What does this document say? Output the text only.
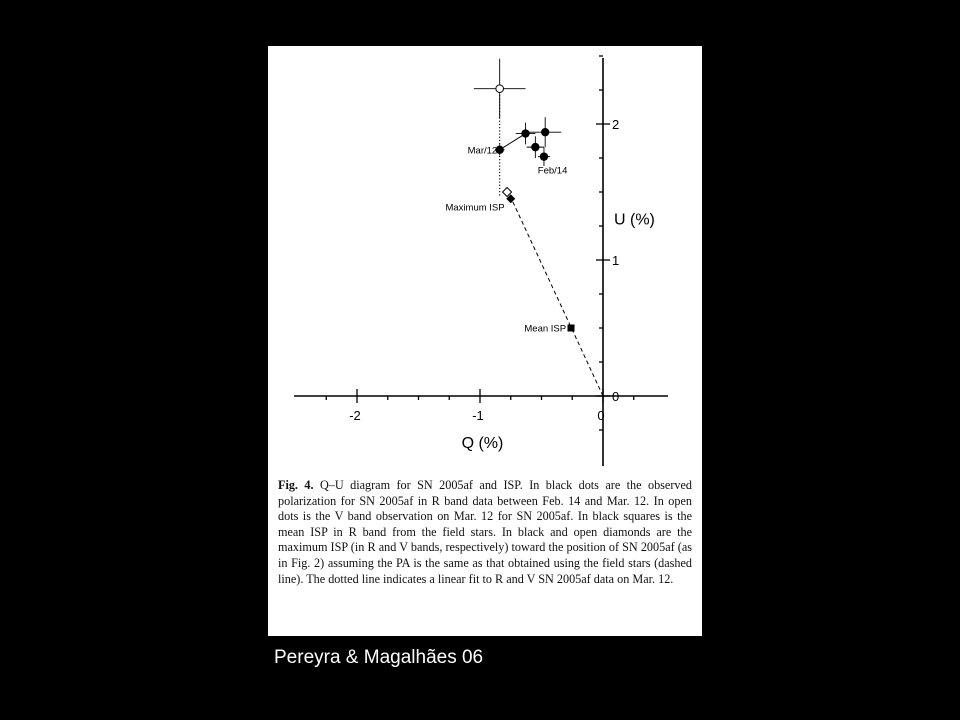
-2	-1	0
0
1
2
Q (%)
U (%)
Mar/12
Feb/14
Maximum ISP
Mean ISP

Fig. 4. Q–U diagram for SN 2005af and ISP. In black dots are the observed polarization for SN 2005af in R band data between Feb. 14 and Mar. 12. In open dots is the V band observation on Mar. 12 for SN 2005af. In black squares is the mean ISP in R band from the field stars. In black and open diamonds are the maximum ISP (in R and V bands, respectively) toward the position of SN 2005af (as in Fig. 2) assuming the PA is the same as that obtained using the field stars (dashed line). The dotted line indicates a linear fit to R and V SN 2005af data on Mar. 12.

Pereyra & Magalhães 06
